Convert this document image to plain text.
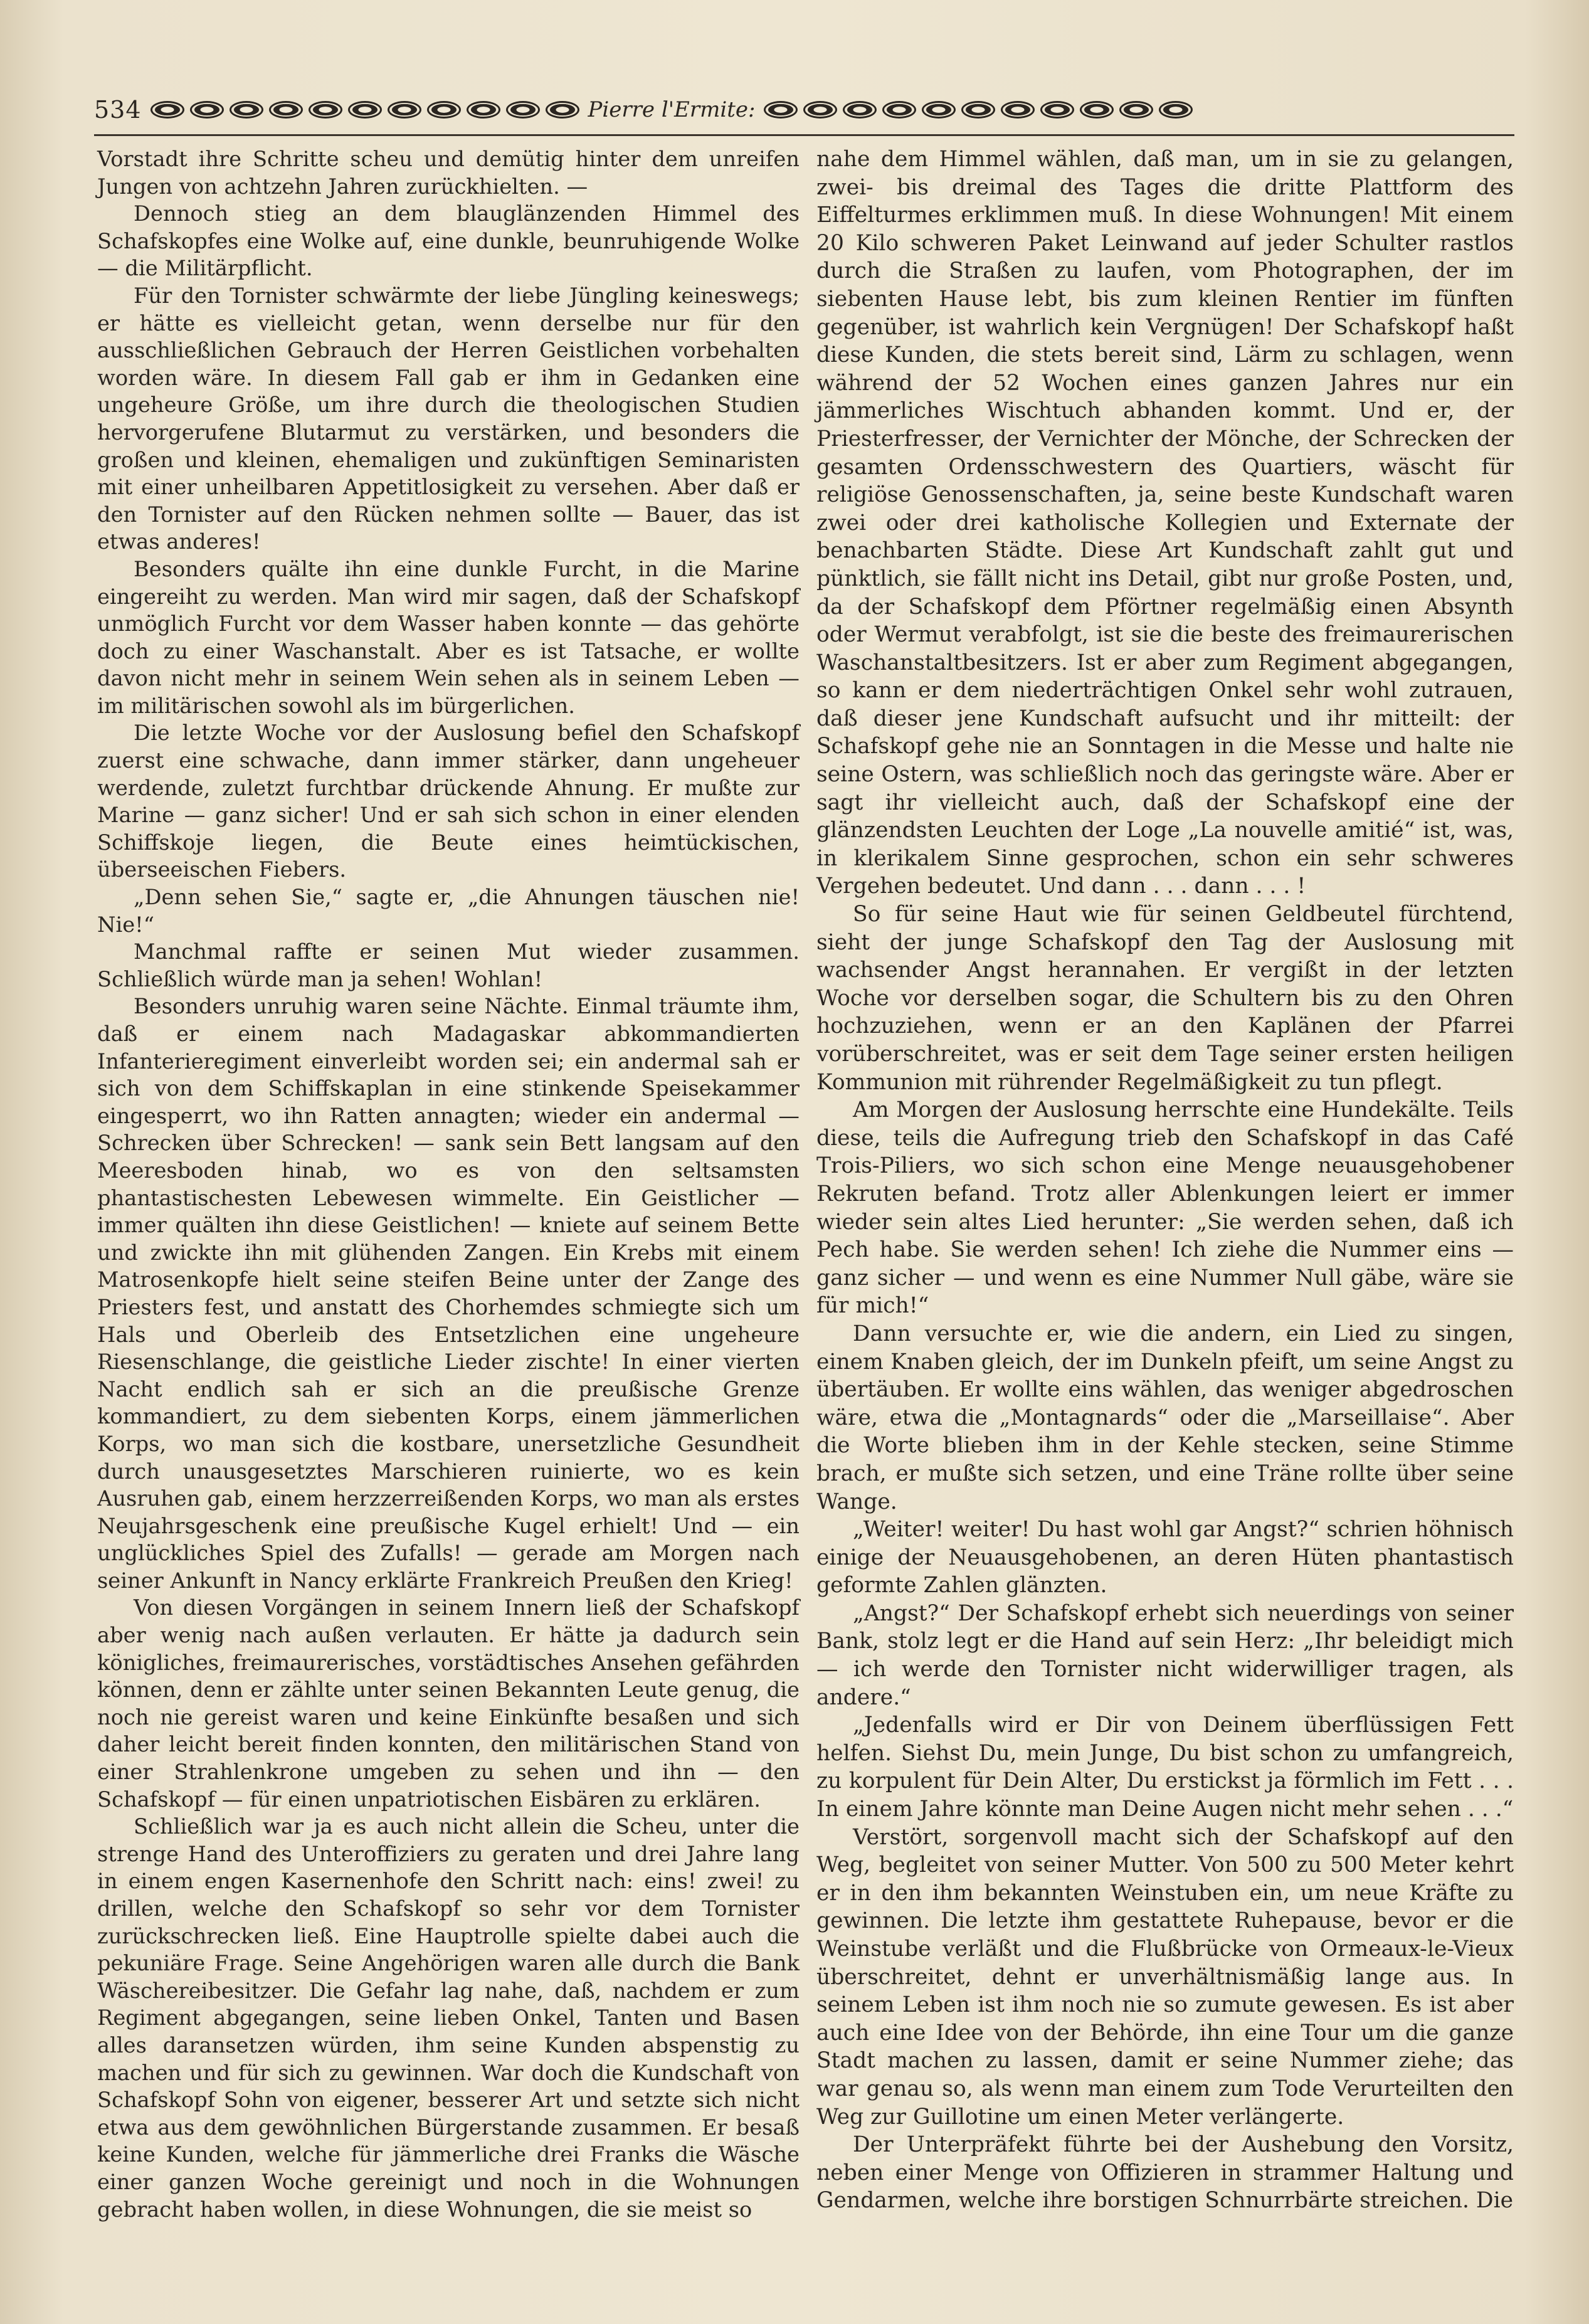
534	Pierre l'Ermite:

Vorstadt ihre Schritte scheu und demütig hinter dem unreifen Jungen von achtzehn Jahren zurückhielten. —

Dennoch stieg an dem blauglänzenden Himmel des Schafskopfes eine Wolke auf, eine dunkle, beunruhigende Wolke — die Militärpflicht.

Für den Tornister schwärmte der liebe Jüngling keineswegs; er hätte es vielleicht getan, wenn derselbe nur für den ausschließlichen Gebrauch der Herren Geistlichen vorbehalten worden wäre. In diesem Fall gab er ihm in Gedanken eine ungeheure Größe, um ihre durch die theologischen Studien hervorgerufene Blutarmut zu verstärken, und besonders die großen und kleinen, ehemaligen und zukünftigen Seminaristen mit einer unheilbaren Appetitlosigkeit zu versehen. Aber daß er den Tornister auf den Rücken nehmen sollte — Bauer, das ist etwas anderes!

Besonders quälte ihn eine dunkle Furcht, in die Marine eingereiht zu werden. Man wird mir sagen, daß der Schafskopf unmöglich Furcht vor dem Wasser haben konnte — das gehörte doch zu einer Waschanstalt. Aber es ist Tatsache, er wollte davon nicht mehr in seinem Wein sehen als in seinem Leben — im militärischen sowohl als im bürgerlichen.

Die letzte Woche vor der Auslosung befiel den Schafskopf zuerst eine schwache, dann immer stärker, dann ungeheuer werdende, zuletzt furchtbar drückende Ahnung. Er mußte zur Marine — ganz sicher! Und er sah sich schon in einer elenden Schiffskoje liegen, die Beute eines heimtückischen, überseeischen Fiebers.

„Denn sehen Sie,“ sagte er, „die Ahnungen täuschen nie! Nie!“

Manchmal raffte er seinen Mut wieder zusammen. Schließlich würde man ja sehen! Wohlan!

Besonders unruhig waren seine Nächte. Einmal träumte ihm, daß er einem nach Madagaskar abkommandierten Infanterieregiment einverleibt worden sei; ein andermal sah er sich von dem Schiffskaplan in eine stinkende Speisekammer eingesperrt, wo ihn Ratten annagten; wieder ein andermal — Schrecken über Schrecken! — sank sein Bett langsam auf den Meeresboden hinab, wo es von den seltsamsten phantastischesten Lebewesen wimmelte. Ein Geistlicher — immer quälten ihn diese Geistlichen! — kniete auf seinem Bette und zwickte ihn mit glühenden Zangen. Ein Krebs mit einem Matrosenkopfe hielt seine steifen Beine unter der Zange des Priesters fest, und anstatt des Chorhemdes schmiegte sich um Hals und Oberleib des Entsetzlichen eine ungeheure Riesenschlange, die geistliche Lieder zischte! In einer vierten Nacht endlich sah er sich an die preußische Grenze kommandiert, zu dem siebenten Korps, einem jämmerlichen Korps, wo man sich die kostbare, unersetzliche Gesundheit durch unausgesetztes Marschieren ruinierte, wo es kein Ausruhen gab, einem herzzerreißenden Korps, wo man als erstes Neujahrsgeschenk eine preußische Kugel erhielt! Und — ein unglückliches Spiel des Zufalls! — gerade am Morgen nach seiner Ankunft in Nancy erklärte Frankreich Preußen den Krieg!

Von diesen Vorgängen in seinem Innern ließ der Schafskopf aber wenig nach außen verlauten. Er hätte ja dadurch sein königliches, freimaurerisches, vorstädtisches Ansehen gefährden können, denn er zählte unter seinen Bekannten Leute genug, die noch nie gereist waren und keine Einkünfte besaßen und sich daher leicht bereit finden konnten, den militärischen Stand von einer Strahlenkrone umgeben zu sehen und ihn — den Schafskopf — für einen unpatriotischen Eisbären zu erklären.

Schließlich war ja es auch nicht allein die Scheu, unter die strenge Hand des Unteroffiziers zu geraten und drei Jahre lang in einem engen Kasernenhofe den Schritt nach: eins! zwei! zu drillen, welche den Schafskopf so sehr vor dem Tornister zurückschrecken ließ. Eine Hauptrolle spielte dabei auch die pekuniäre Frage. Seine Angehörigen waren alle durch die Bank Wäschereibesitzer. Die Gefahr lag nahe, daß, nachdem er zum Regiment abgegangen, seine lieben Onkel, Tanten und Basen alles daransetzen würden, ihm seine Kunden abspenstig zu machen und für sich zu gewinnen. War doch die Kundschaft von Schafskopf Sohn von eigener, besserer Art und setzte sich nicht etwa aus dem gewöhnlichen Bürgerstande zusammen. Er besaß keine Kunden, welche für jämmerliche drei Franks die Wäsche einer ganzen Woche gereinigt und noch in die Wohnungen gebracht haben wollen, in diese Wohnungen, die sie meist so

nahe dem Himmel wählen, daß man, um in sie zu gelangen, zwei- bis dreimal des Tages die dritte Plattform des Eiffelturmes erklimmen muß. In diese Wohnungen! Mit einem 20 Kilo schweren Paket Leinwand auf jeder Schulter rastlos durch die Straßen zu laufen, vom Photographen, der im siebenten Hause lebt, bis zum kleinen Rentier im fünften gegenüber, ist wahrlich kein Vergnügen! Der Schafskopf haßt diese Kunden, die stets bereit sind, Lärm zu schlagen, wenn während der 52 Wochen eines ganzen Jahres nur ein jämmerliches Wischtuch abhanden kommt. Und er, der Priesterfresser, der Vernichter der Mönche, der Schrecken der gesamten Ordensschwestern des Quartiers, wäscht für religiöse Genossenschaften, ja, seine beste Kundschaft waren zwei oder drei katholische Kollegien und Externate der benachbarten Städte. Diese Art Kundschaft zahlt gut und pünktlich, sie fällt nicht ins Detail, gibt nur große Posten, und, da der Schafskopf dem Pförtner regelmäßig einen Absynth oder Wermut verabfolgt, ist sie die beste des freimaurerischen Waschanstaltbesitzers. Ist er aber zum Regiment abgegangen, so kann er dem niederträchtigen Onkel sehr wohl zutrauen, daß dieser jene Kundschaft aufsucht und ihr mitteilt: der Schafskopf gehe nie an Sonntagen in die Messe und halte nie seine Ostern, was schließlich noch das geringste wäre. Aber er sagt ihr vielleicht auch, daß der Schafskopf eine der glänzendsten Leuchten der Loge „La nouvelle amitié“ ist, was, in klerikalem Sinne gesprochen, schon ein sehr schweres Vergehen bedeutet. Und dann . . . dann . . . !

So für seine Haut wie für seinen Geldbeutel fürchtend, sieht der junge Schafskopf den Tag der Auslosung mit wachsender Angst herannahen. Er vergißt in der letzten Woche vor derselben sogar, die Schultern bis zu den Ohren hochzuziehen, wenn er an den Kaplänen der Pfarrei vorüberschreitet, was er seit dem Tage seiner ersten heiligen Kommunion mit rührender Regelmäßigkeit zu tun pflegt.

Am Morgen der Auslosung herrschte eine Hundekälte. Teils diese, teils die Aufregung trieb den Schafskopf in das Café Trois-Piliers, wo sich schon eine Menge neuausgehobener Rekruten befand. Trotz aller Ablenkungen leiert er immer wieder sein altes Lied herunter: „Sie werden sehen, daß ich Pech habe. Sie werden sehen! Ich ziehe die Nummer eins — ganz sicher — und wenn es eine Nummer Null gäbe, wäre sie für mich!“

Dann versuchte er, wie die andern, ein Lied zu singen, einem Knaben gleich, der im Dunkeln pfeift, um seine Angst zu übertäuben. Er wollte eins wählen, das weniger abgedroschen wäre, etwa die „Montagnards“ oder die „Marseillaise“. Aber die Worte blieben ihm in der Kehle stecken, seine Stimme brach, er mußte sich setzen, und eine Träne rollte über seine Wange.

„Weiter! weiter! Du hast wohl gar Angst?“ schrien höhnisch einige der Neuausgehobenen, an deren Hüten phantastisch geformte Zahlen glänzten.

„Angst?“ Der Schafskopf erhebt sich neuerdings von seiner Bank, stolz legt er die Hand auf sein Herz: „Ihr beleidigt mich — ich werde den Tornister nicht widerwilliger tragen, als andere.“

„Jedenfalls wird er Dir von Deinem überflüssigen Fett helfen. Siehst Du, mein Junge, Du bist schon zu umfangreich, zu korpulent für Dein Alter, Du erstickst ja förmlich im Fett . . . In einem Jahre könnte man Deine Augen nicht mehr sehen . . .“

Verstört, sorgenvoll macht sich der Schafskopf auf den Weg, begleitet von seiner Mutter. Von 500 zu 500 Meter kehrt er in den ihm bekannten Weinstuben ein, um neue Kräfte zu gewinnen. Die letzte ihm gestattete Ruhepause, bevor er die Weinstube verläßt und die Flußbrücke von Ormeaux-le-Vieux überschreitet, dehnt er unverhältnismäßig lange aus. In seinem Leben ist ihm noch nie so zumute gewesen. Es ist aber auch eine Idee von der Behörde, ihn eine Tour um die ganze Stadt machen zu lassen, damit er seine Nummer ziehe; das war genau so, als wenn man einem zum Tode Verurteilten den Weg zur Guillotine um einen Meter verlängerte.

Der Unterpräfekt führte bei der Aushebung den Vorsitz, neben einer Menge von Offizieren in strammer Haltung und Gendarmen, welche ihre borstigen Schnurrbärte streichen. Die
